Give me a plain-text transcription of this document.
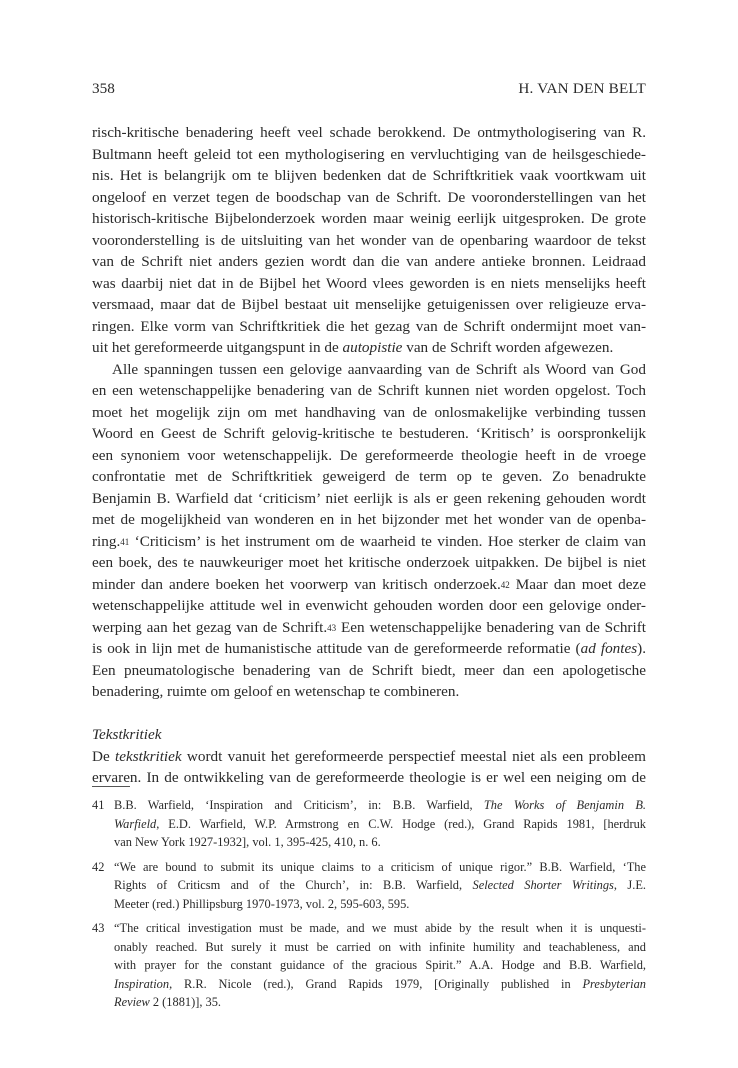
358	H. VAN DEN BELT
risch-kritische benadering heeft veel schade berokkend. De ontmythologisering van R.
Bultmann heeft geleid tot een mythologisering en vervluchtiging van de heilsgeschiede-
nis. Het is belangrijk om te blijven bedenken dat de Schriftkritiek vaak voortkwam uit
ongeloof en verzet tegen de boodschap van de Schrift. De vooronderstellingen van het
historisch-kritische Bijbelonderzoek worden maar weinig eerlijk uitgesproken. De grote
vooronderstelling is de uitsluiting van het wonder van de openbaring waardoor de tekst
van de Schrift niet anders gezien wordt dan die van andere antieke bronnen. Leidraad
was daarbij niet dat in de Bijbel het Woord vlees geworden is en niets menselijks heeft
versmaad, maar dat de Bijbel bestaat uit menselijke getuigenissen over religieuze erva-
ringen. Elke vorm van Schriftkritiek die het gezag van de Schrift ondermijnt moet van-
uit het gereformeerde uitgangspunt in de autopistie van de Schrift worden afgewezen.
Alle spanningen tussen een gelovige aanvaarding van de Schrift als Woord van God
en een wetenschappelijke benadering van de Schrift kunnen niet worden opgelost. Toch
moet het mogelijk zijn om met handhaving van de onlosmakelijke verbinding tussen
Woord en Geest de Schrift gelovig-kritische te bestuderen. ‘Kritisch’ is oorspronkelijk
een synoniem voor wetenschappelijk. De gereformeerde theologie heeft in de vroege
confrontatie met de Schriftkritiek geweigerd de term op te geven. Zo benadrukte
Benjamin B. Warfield dat ‘criticism’ niet eerlijk is als er geen rekening gehouden wordt
met de mogelijkheid van wonderen en in het bijzonder met het wonder van de openba-
ring.$^{41}$ ‘Criticism’ is het instrument om de waarheid te vinden. Hoe sterker de claim van
een boek, des te nauwkeuriger moet het kritische onderzoek uitpakken. De bijbel is niet
minder dan andere boeken het voorwerp van kritisch onderzoek.$^{42}$ Maar dan moet deze
wetenschappelijke attitude wel in evenwicht gehouden worden door een gelovige onder-
werping aan het gezag van de Schrift.$^{43}$ Een wetenschappelijke benadering van de Schrift
is ook in lijn met de humanistische attitude van de gereformeerde reformatie (ad fontes).
Een pneumatologische benadering van de Schrift biedt, meer dan een apologetische
benadering, ruimte om geloof en wetenschap te combineren.
Tekstkritiek
De tekstkritiek wordt vanuit het gereformeerde perspectief meestal niet als een probleem
ervaren. In de ontwikkeling van de gereformeerde theologie is er wel een neiging om de
41 B.B. Warfield, ‘Inspiration and Criticism’, in: B.B. Warfield, The Works of Benjamin B.
Warfield, E.D. Warfield, W.P. Armstrong en C.W. Hodge (red.), Grand Rapids 1981, [herdruk
van New York 1927-1932], vol. 1, 395-425, 410, n. 6.
42 “We are bound to submit its unique claims to a criticism of unique rigor.” B.B. Warfield, ‘The
Rights of Criticsm and of the Church’, in: B.B. Warfield, Selected Shorter Writings, J.E.
Meeter (red.) Phillipsburg 1970-1973, vol. 2, 595-603, 595.
43 “The critical investigation must be made, and we must abide by the result when it is unquesti-
onably reached. But surely it must be carried on with infinite humility and teachableness, and
with prayer for the constant guidance of the gracious Spirit.” A.A. Hodge and B.B. Warfield,
Inspiration, R.R. Nicole (red.), Grand Rapids 1979, [Originally published in Presbyterian
Review 2 (1881)], 35.
